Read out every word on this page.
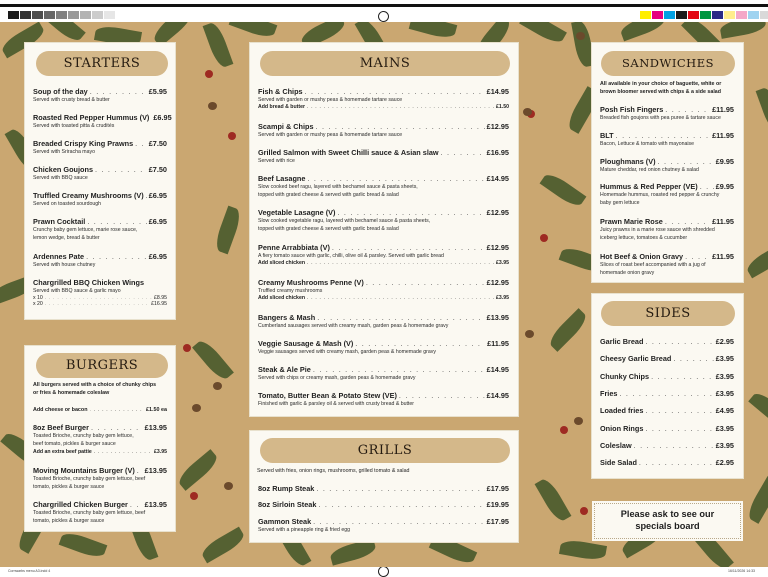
STARTERS
Soup of the day . . .	£5.95
Served with crusty bread & butter
Roasted Red Pepper Hummus (V) £6.95
Served with toasted pitta & crudités
Breaded Crispy King Prawns . . . £7.50
Served with Sriracha mayo
Chicken Goujons . . .	£7.50
Served with BBQ sauce
Truffled Creamy Mushrooms (V) . . . £6.95
Served on toasted sourdough
Prawn Cocktail . . .	£6.95
Crunchy baby gem lettuce, marie rose sauce,
lemon wedge, bread & butter
Ardennes Pate . . .	£6.95
Served with house chutney
Chargrilled BBQ Chicken Wings
Served with BBQ sauce & garlic mayo
x 10 . . .	£8.95
x 20 . . .	£16.95
BURGERS
All burgers served with a choice of chunky chips
or fries & homemade coleslaw
Add cheese or bacon . . .	£1.50 ea
8oz Beef Burger . . .	£13.95
Toasted Brioche, crunchy baby gem lettuce,
beef tomato, pickles & burger sauce
Add an extra beef pattie . . .	£3.95
Moving Mountains Burger (V) . . . £13.95
Toasted Brioche, crunchy baby gem lettuce, beef
tomato, pickles & burger sauce
Chargrilled Chicken Burger . . . £13.95
Toasted Brioche, crunchy baby gem lettuce, beef
tomato, pickles & burger sauce
MAINS
Fish & Chips . . .	£14.95
Served with garden or mushy peas & homemade tartare sauce
Add bread & butter . . .	£1.50
Scampi & Chips . . .	£12.95
Served with garden or mushy peas & homemade tartare sauce
Grilled Salmon with Sweet Chilli sauce & Asian slaw . . .	£16.95
Served with rice
Beef Lasagne . . .	£14.95
Slow cooked beef ragu, layered with bechamel sauce & pasta sheets,
topped with grated cheese & served with garlic bread & salad
Vegetable Lasagne (V) . . .	£12.95
Slow cooked vegetable ragu, layered with bechamel sauce & pasta sheets,
topped with grated cheese & served with garlic bread & salad
Penne Arrabbiata (V) . . .	£12.95
A fiery tomato sauce with garlic, chilli, olive oil & parsley. Served with garlic bread
Add sliced chicken . . .	£3.95
Creamy Mushrooms Penne (V) . . .	£12.95
Truffled creamy mushrooms
Add sliced chicken . . .	£3.95
Bangers & Mash . . .	£13.95
Cumberland sausages served with creamy mash, garden peas & homemade gravy
Veggie Sausage & Mash (V) . . .	£11.95
Veggie sausages served with creamy mash, garden peas & homemade gravy
Steak & Ale Pie . . .	£14.95
Served with chips or creamy mash, garden peas & homemade gravy
Tomato, Butter Bean & Potato Stew (VE) . . .	£14.95
Finished with garlic & parsley oil & served with crusty bread & butter
GRILLS
Served with fries, onion rings, mushrooms, grilled tomato & salad
8oz Rump Steak . . .	£17.95
8oz Sirloin Steak . . .	£19.95
Gammon Steak . . .	£17.95
Served with a pineapple ring & fried egg
SANDWICHES
All available in your choice of baguette, white or
brown bloomer served with chips & a side salad
Posh Fish Fingers . . .	£11.95
Breaded fish goujons with pea puree & tartare sauce
BLT . . .	£11.95
Bacon, Lettuce & tomato with mayonaise
Ploughmans (V) . . .	£9.95
Mature cheddar, red onion chutney & salad
Hummus & Red Pepper (VE) . . . £9.95
Homemade hummus, roasted red pepper & crunchy
baby gem lettuce
Prawn Marie Rose . . .	£11.95
Juicy prawns in a marie rose sauce with shredded
iceberg lettuce, tomatoes & cucumber
Hot Beef & Onion Gravy . . .	£11.95
Slices of roast beef accompanied with a jug of
homemade onion gravy
SIDES
Garlic Bread . . .	£2.95
Cheesy Garlic Bread . . .	£3.95
Chunky Chips . . .	£3.95
Fries . . .	£3.95
Loaded fries . . .	£4.95
Onion Rings . . .	£3.95
Coleslaw . . .	£3.95
Side Salad . . .	£2.95
Please ask to see our
specials board
Cornwarbs menu A3.indd 4	16/11/2026 14:33
